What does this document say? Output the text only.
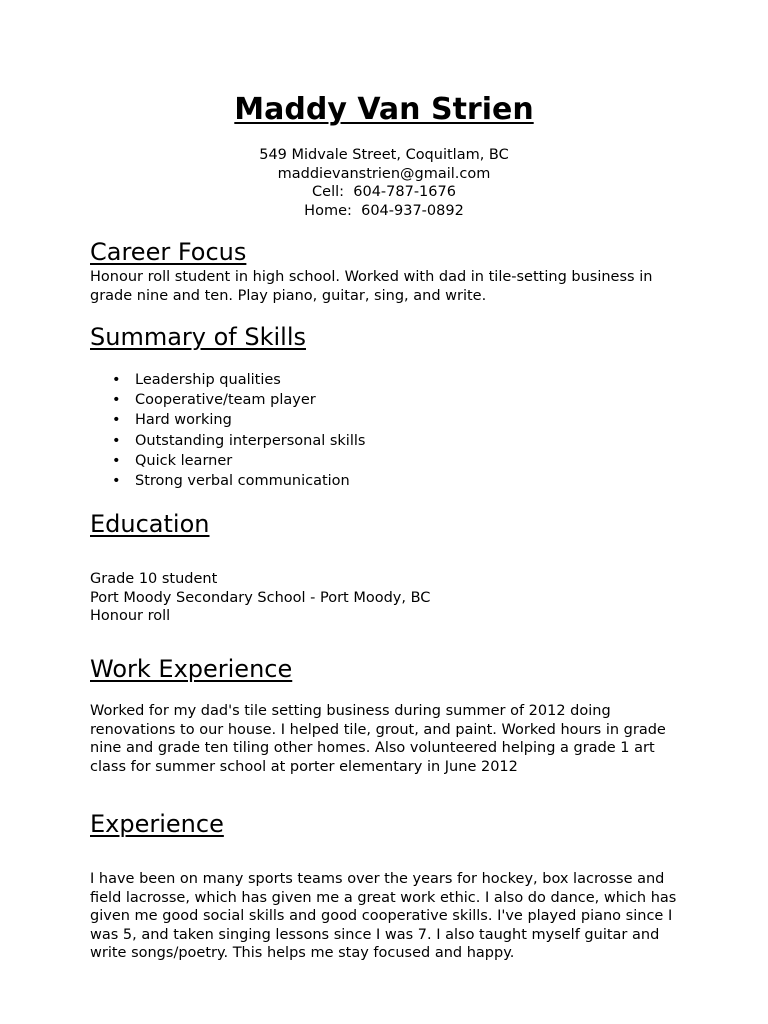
Maddy Van Strien
549 Midvale Street, Coquitlam, BC
maddievanstrien@gmail.com
Cell:  604-787-1676
Home:  604-937-0892
Career Focus

Honour roll student in high school. Worked with dad in tile-setting business in grade nine and ten. Play piano, guitar, sing, and write.

Summary of Skills
• Leadership qualities
• Cooperative/team player
• Hard working
• Outstanding interpersonal skills
• Quick learner
• Strong verbal communication
Education
Grade 10 student
Port Moody Secondary School - Port Moody, BC
Honour roll
Work Experience

Worked for my dad's tile setting business during summer of 2012 doing renovations to our house. I helped tile, grout, and paint. Worked hours in grade nine and grade ten tiling other homes. Also volunteered helping a grade 1 art class for summer school at porter elementary in June 2012

Experience

I have been on many sports teams over the years for hockey, box lacrosse and field lacrosse, which has given me a great work ethic. I also do dance, which has given me good social skills and good cooperative skills. I've played piano since I was 5, and taken singing lessons since I was 7. I also taught myself guitar and write songs/poetry. This helps me stay focused and happy.
